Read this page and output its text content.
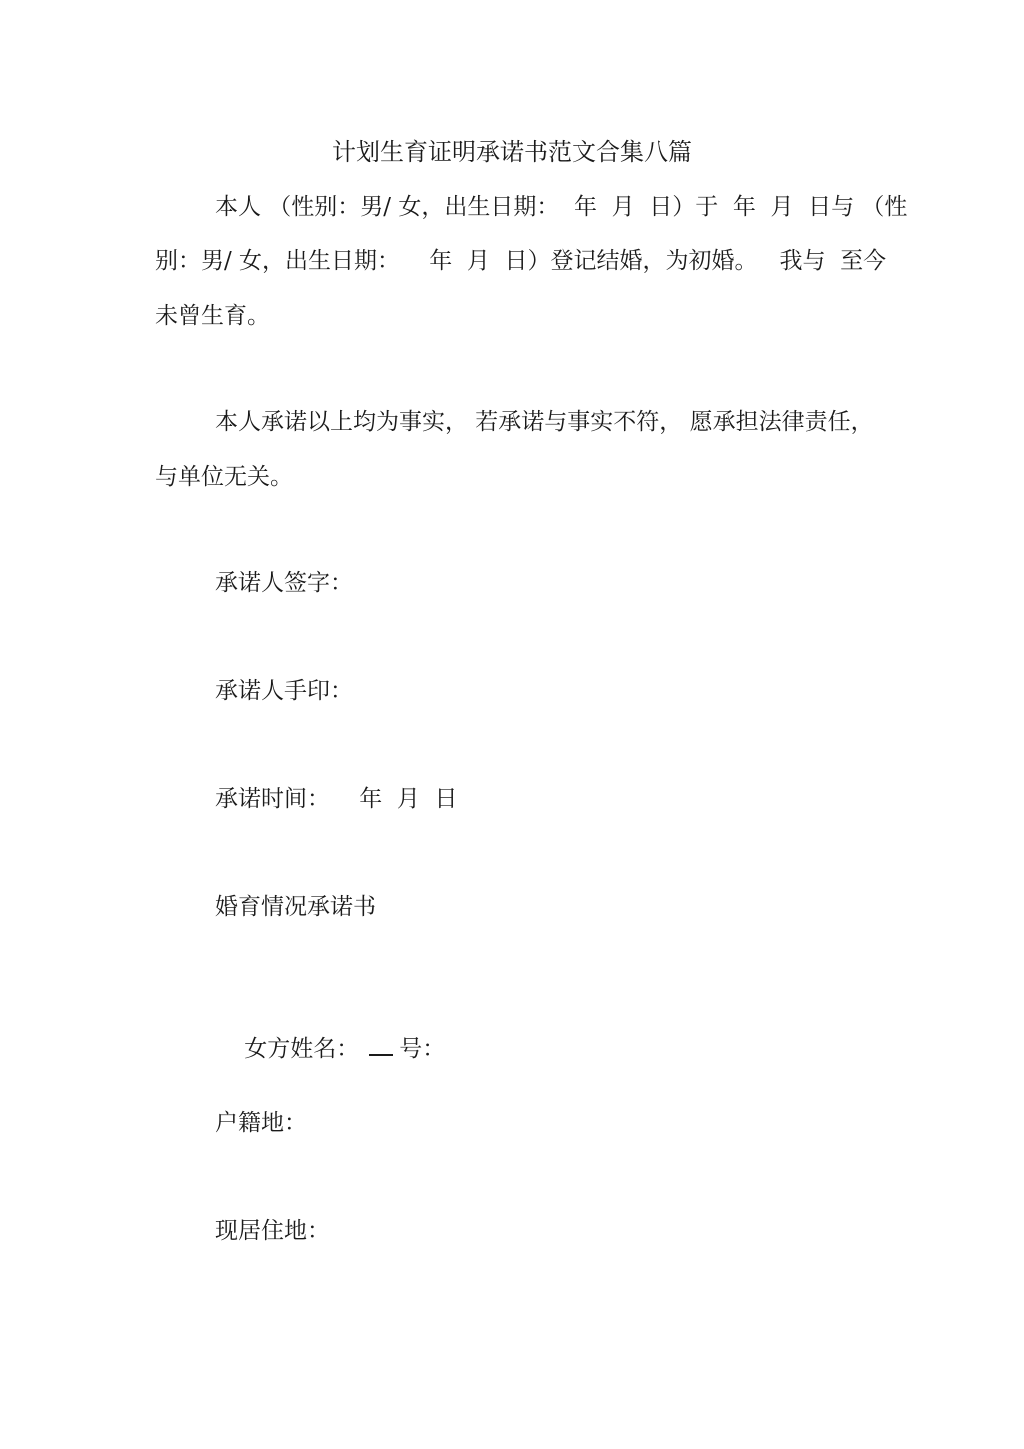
计划生育证明承诺书范文合集八篇
本人 （性别：男/ 女，出生日期：  年  月  日）于  年  月  日与 （性
别：男/ 女，出生日期：    年  月  日）登记结婚，为初婚。   我与  至今
未曾生育。
本人承诺以上均为事实， 若承诺与事实不符， 愿承担法律责任，
与单位无关。
承诺人签字：
承诺人手印：
承诺时间：    年  月  日
婚育情况承诺书

女方姓名： 号：

户籍地：
现居住地：
